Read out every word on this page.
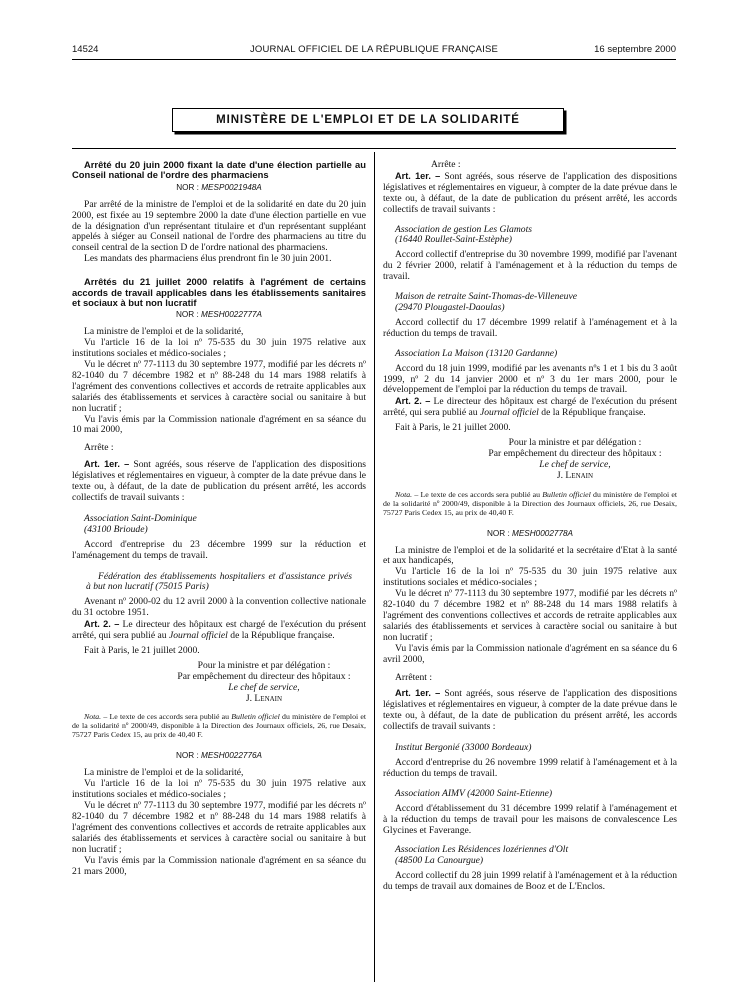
14524	JOURNAL OFFICIEL DE LA RÉPUBLIQUE FRANÇAISE	16 septembre 2000
MINISTÈRE DE L'EMPLOI ET DE LA SOLIDARITÉ

Arrêté du 20 juin 2000 fixant la date d'une élection partielle au Conseil national de l'ordre des pharmaciens

NOR : MESP0021948A

Par arrêté de la ministre de l'emploi et de la solidarité en date du 20 juin 2000, est fixée au 19 septembre 2000 la date d'une élection partielle en vue de la désignation d'un représentant titulaire et d'un représentant suppléant appelés à siéger au Conseil national de l'ordre des pharmaciens au titre du conseil central de la section D de l'ordre national des pharmaciens.

Les mandats des pharmaciens élus prendront fin le 30 juin 2001.

Arrêtés du 21 juillet 2000 relatifs à l'agrément de certains accords de travail applicables dans les établissements sanitaires et sociaux à but non lucratif

NOR : MESH0022777A

La ministre de l'emploi et de la solidarité,

Vu l'article 16 de la loi nº 75-535 du 30 juin 1975 relative aux institutions sociales et médico-sociales ;

Vu le décret nº 77-1113 du 30 septembre 1977, modifié par les décrets nº 82-1040 du 7 décembre 1982 et nº 88-248 du 14 mars 1988 relatifs à l'agrément des conventions collectives et accords de retraite applicables aux salariés des établissements et services à caractère social ou sanitaire à but non lucratif ;

Vu l'avis émis par la Commission nationale d'agrément en sa séance du 10 mai 2000,

Arrête :

Art. 1er. – Sont agréés, sous réserve de l'application des dispositions législatives et réglementaires en vigueur, à compter de la date prévue dans le texte ou, à défaut, de la date de publication du présent arrêté, les accords collectifs de travail suivants :

Association Saint-Dominique

(43100 Brioude)

Accord d'entreprise du 23 décembre 1999 sur la réduction et l'aménagement du temps de travail.

Fédération des établissements hospitaliers et d'assistance privés à but non lucratif (75015 Paris)

Avenant nº 2000-02 du 12 avril 2000 à la convention collective nationale du 31 octobre 1951.

Art. 2. – Le directeur des hôpitaux est chargé de l'exécution du présent arrêté, qui sera publié au Journal officiel de la République française.

Fait à Paris, le 21 juillet 2000.

Pour la ministre et par délégation :
Par empêchement du directeur des hôpitaux :
Le chef de service,
J. Lenain

Nota. – Le texte de ces accords sera publié au Bulletin officiel du ministère de l'emploi et de la solidarité nº 2000/49, disponible à la Direction des Journaux officiels, 26, rue Desaix, 75727 Paris Cedex 15, au prix de 40,40 F.

NOR : MESH0022776A

La ministre de l'emploi et de la solidarité,

Vu l'article 16 de la loi nº 75-535 du 30 juin 1975 relative aux institutions sociales et médico-sociales ;

Vu le décret nº 77-1113 du 30 septembre 1977, modifié par les décrets nº 82-1040 du 7 décembre 1982 et nº 88-248 du 14 mars 1988 relatifs à l'agrément des conventions collectives et accords de retraite applicables aux salariés des établissements et services à caractère social ou sanitaire à but non lucratif ;

Vu l'avis émis par la Commission nationale d'agrément en sa séance du 21 mars 2000,

Arrête :

Art. 1er. – Sont agréés, sous réserve de l'application des dispositions législatives et réglementaires en vigueur, à compter de la date prévue dans le texte ou, à défaut, de la date de publication du présent arrêté, les accords collectifs de travail suivants :

Association de gestion Les Glamots

(16440 Roullet-Saint-Estèphe)

Accord collectif d'entreprise du 30 novembre 1999, modifié par l'avenant du 2 février 2000, relatif à l'aménagement et à la réduction du temps de travail.

Maison de retraite Saint-Thomas-de-Villeneuve

(29470 Plougastel-Daoulas)

Accord collectif du 17 décembre 1999 relatif à l'aménagement et à la réduction du temps de travail.

Association La Maison (13120 Gardanne)

Accord du 18 juin 1999, modifié par les avenants nºs 1 et 1 bis du 3 août 1999, nº 2 du 14 janvier 2000 et nº 3 du 1er mars 2000, pour le développement de l'emploi par la réduction du temps de travail.

Art. 2. – Le directeur des hôpitaux est chargé de l'exécution du présent arrêté, qui sera publié au Journal officiel de la République française.

Fait à Paris, le 21 juillet 2000.

Pour la ministre et par délégation :
Par empêchement du directeur des hôpitaux :
Le chef de service,
J. Lenain

Nota. – Le texte de ces accords sera publié au Bulletin officiel du ministère de l'emploi et de la solidarité nº 2000/49, disponible à la Direction des Journaux officiels, 26, rue Desaix, 75727 Paris Cedex 15, au prix de 40,40 F.

NOR : MESH0002778A

La ministre de l'emploi et de la solidarité et la secrétaire d'Etat à la santé et aux handicapés,

Vu l'article 16 de la loi nº 75-535 du 30 juin 1975 relative aux institutions sociales et médico-sociales ;

Vu le décret nº 77-1113 du 30 septembre 1977, modifié par les décrets nº 82-1040 du 7 décembre 1982 et nº 88-248 du 14 mars 1988 relatifs à l'agrément des conventions collectives et accords de retraite applicables aux salariés des établissements et services à caractère social ou sanitaire à but non lucratif ;

Vu l'avis émis par la Commission nationale d'agrément en sa séance du 6 avril 2000,

Arrêtent :

Art. 1er. – Sont agréés, sous réserve de l'application des dispositions législatives et réglementaires en vigueur, à compter de la date prévue dans le texte ou, à défaut, de la date de publication du présent arrêté, les accords collectifs de travail suivants :

Institut Bergonié (33000 Bordeaux)

Accord d'entreprise du 26 novembre 1999 relatif à l'aménagement et à la réduction du temps de travail.

Association AIMV (42000 Saint-Etienne)

Accord d'établissement du 31 décembre 1999 relatif à l'aménagement et à la réduction du temps de travail pour les maisons de convalescence Les Glycines et Faverange.

Association Les Résidences lozériennes d'Olt

(48500 La Canourgue)

Accord collectif du 28 juin 1999 relatif à l'aménagement et à la réduction du temps de travail aux domaines de Booz et de L'Enclos.
